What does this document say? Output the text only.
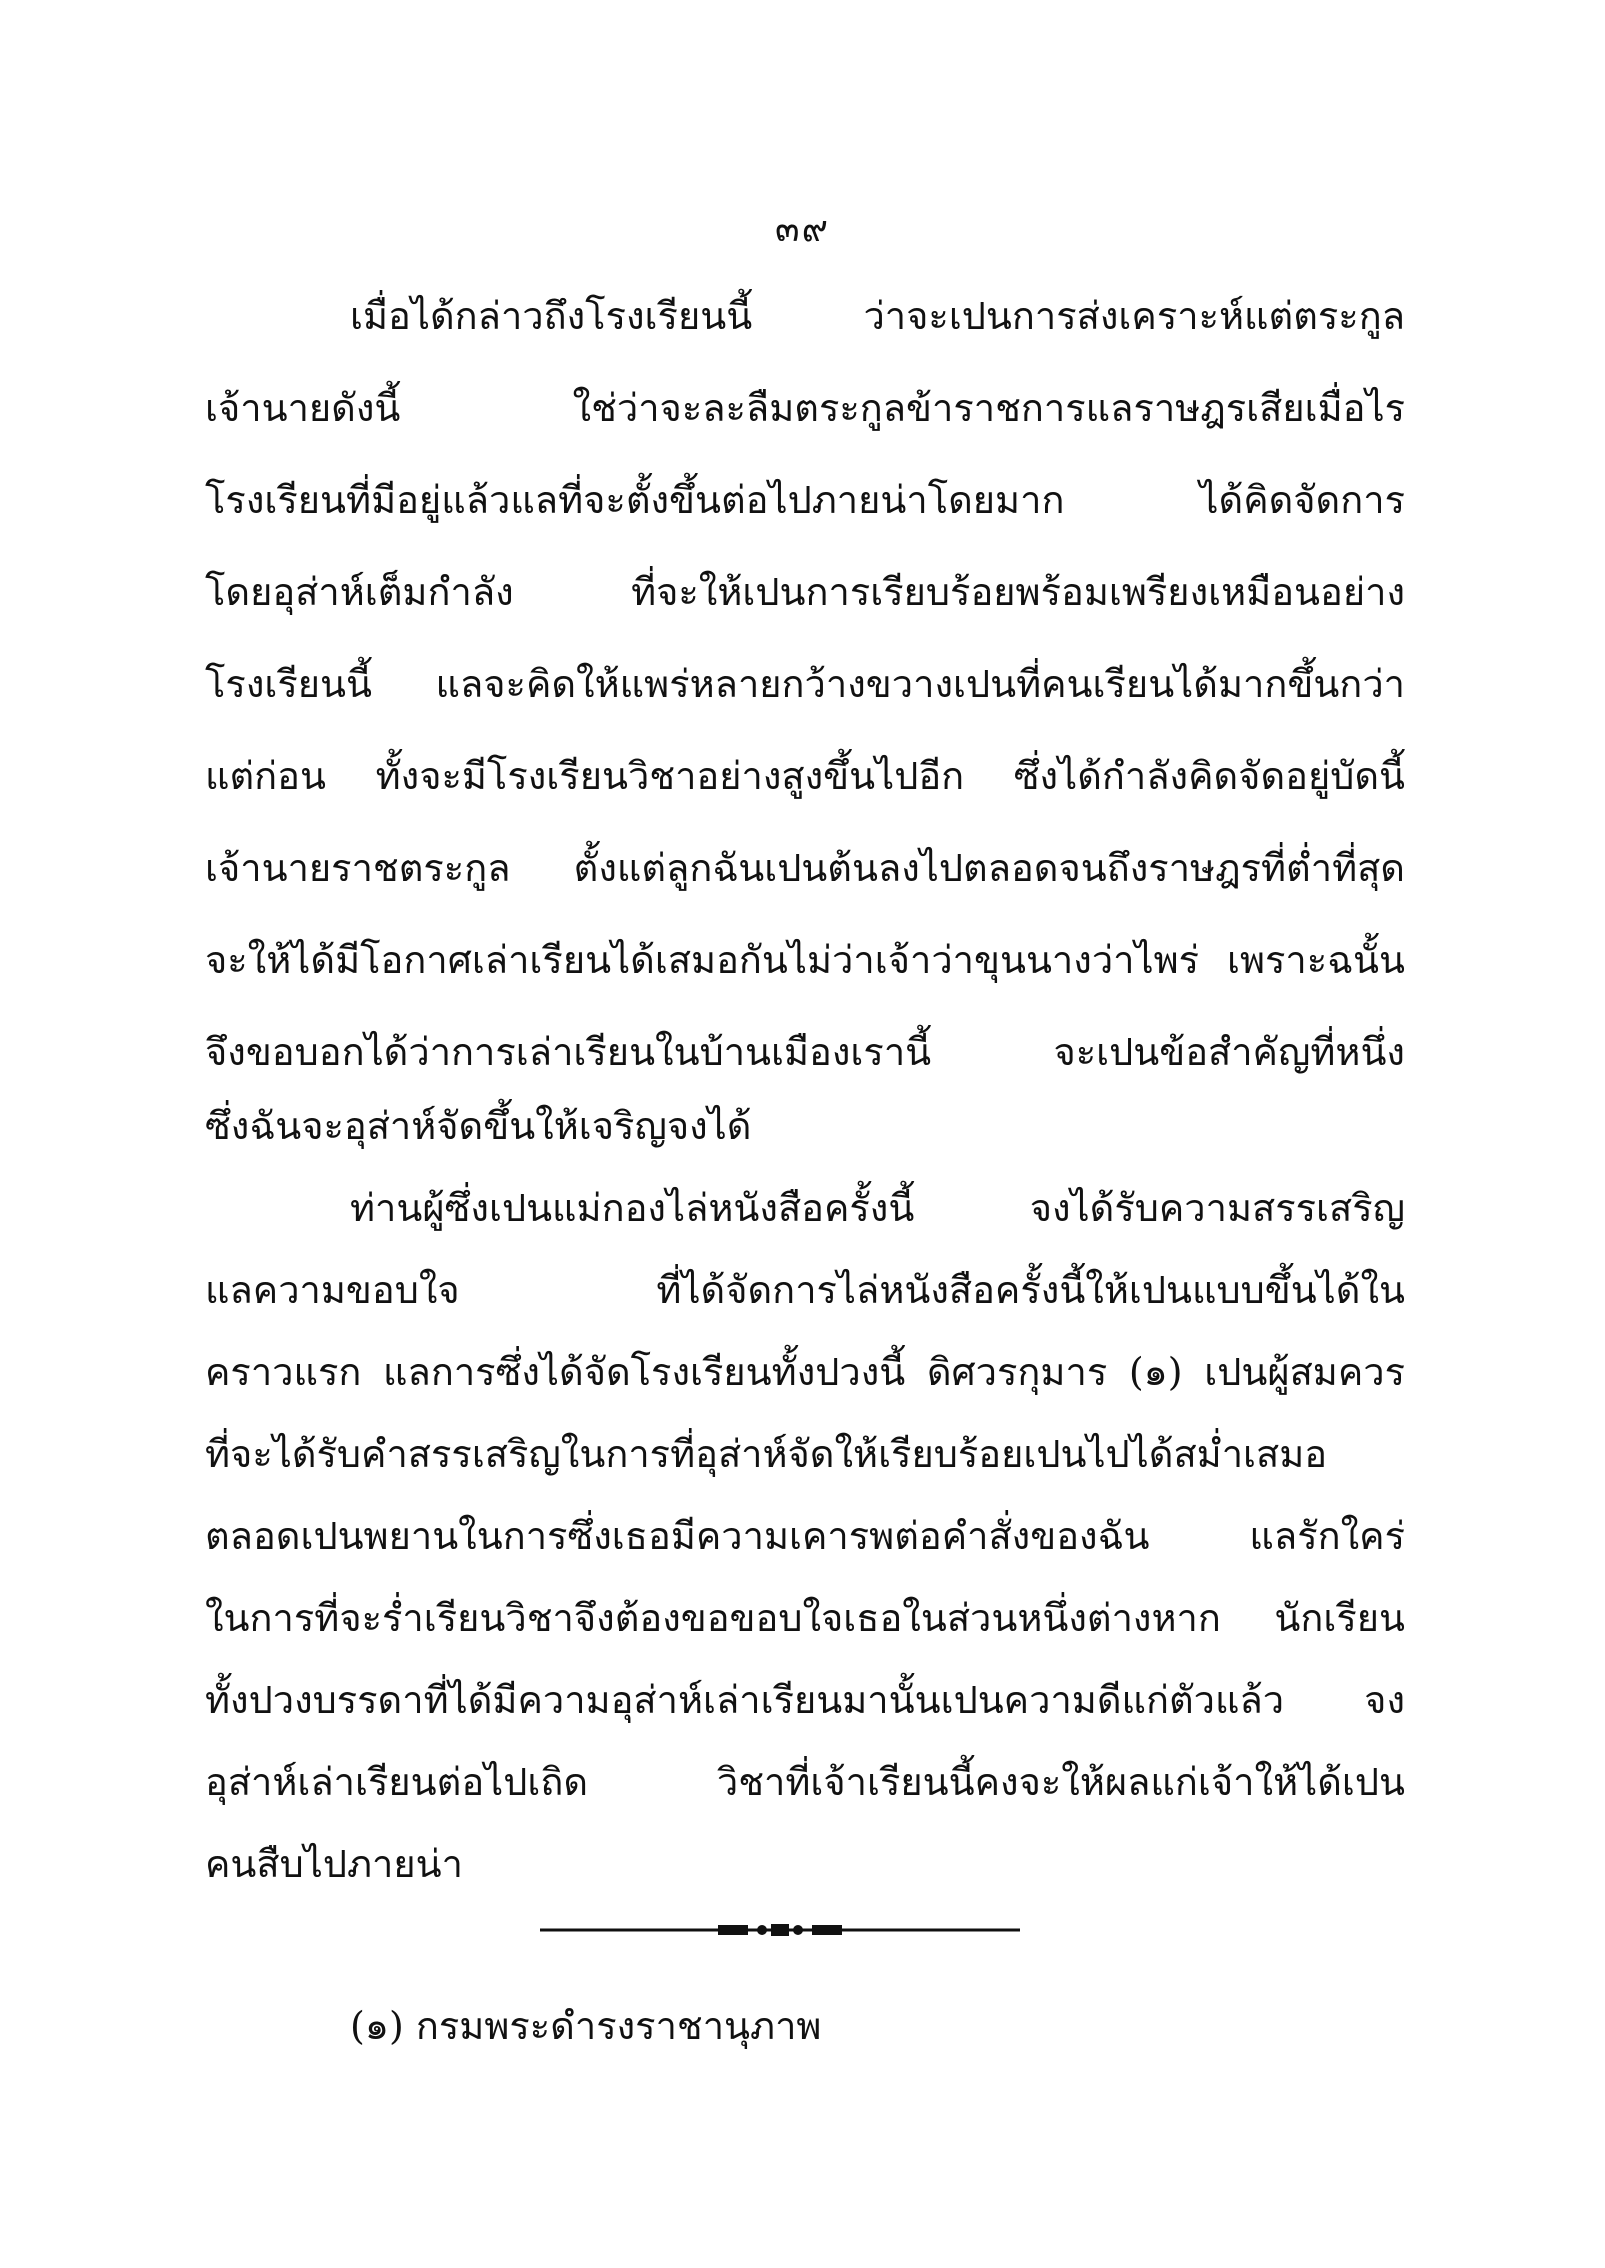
๓๙
เมื่อได้กล่าวถึงโรงเรียนนี้ ว่าจะเปนการส่งเคราะห์แต่ตระกูล
เจ้านายดังนี้ ใช่ว่าจะละลืมตระกูลข้าราชการแลราษฎรเสียเมื่อไร
โรงเรียนที่มีอยู่แล้วแลที่จะตั้งขึ้นต่อไปภายน่าโดยมาก ได้คิดจัดการ
โดยอุส่าห์เต็มกำลัง ที่จะให้เปนการเรียบร้อยพร้อมเพรียงเหมือนอย่าง
โรงเรียนนี้ แลจะคิดให้แพร่หลายกว้างขวางเปนที่คนเรียนได้มากขึ้นกว่า
แต่ก่อน ทั้งจะมีโรงเรียนวิชาอย่างสูงขึ้นไปอีก ซึ่งได้กำลังคิดจัดอยู่บัดนี้
เจ้านายราชตระกูล ตั้งแต่ลูกฉันเปนต้นลงไปตลอดจนถึงราษฎรที่ต่ำที่สุด
จะให้ได้มีโอกาศเล่าเรียนได้เสมอกันไม่ว่าเจ้าว่าขุนนางว่าไพร่ เพราะฉนั้น
จึงขอบอกได้ว่าการเล่าเรียนในบ้านเมืองเรานี้ จะเปนข้อสำคัญที่หนึ่ง
ซึ่งฉันจะอุส่าห์จัดขึ้นให้เจริญจงได้
ท่านผู้ซึ่งเปนแม่กองไล่หนังสือครั้งนี้ จงได้รับความสรรเสริญ
แลความขอบใจ ที่ได้จัดการไล่หนังสือครั้งนี้ให้เปนแบบขึ้นได้ใน
คราวแรก แลการซึ่งได้จัดโรงเรียนทั้งปวงนี้ ดิศวรกุมาร (๑) เปนผู้สมควร
ที่จะได้รับคำสรรเสริญในการที่อุส่าห์จัดให้เรียบร้อยเปนไปได้สม่ำเสมอ
ตลอดเปนพยานในการซึ่งเธอมีความเคารพต่อคำสั่งของฉัน แลรักใคร่
ในการที่จะร่ำเรียนวิชาจึงต้องขอขอบใจเธอในส่วนหนึ่งต่างหาก นักเรียน
ทั้งปวงบรรดาที่ได้มีความอุส่าห์เล่าเรียนมานั้นเปนความดีแก่ตัวแล้ว จง
อุส่าห์เล่าเรียนต่อไปเถิด วิชาที่เจ้าเรียนนี้คงจะให้ผลแก่เจ้าให้ได้เปน
คนสืบไปภายน่า
(๑) กรมพระดำรงราชานุภาพ
